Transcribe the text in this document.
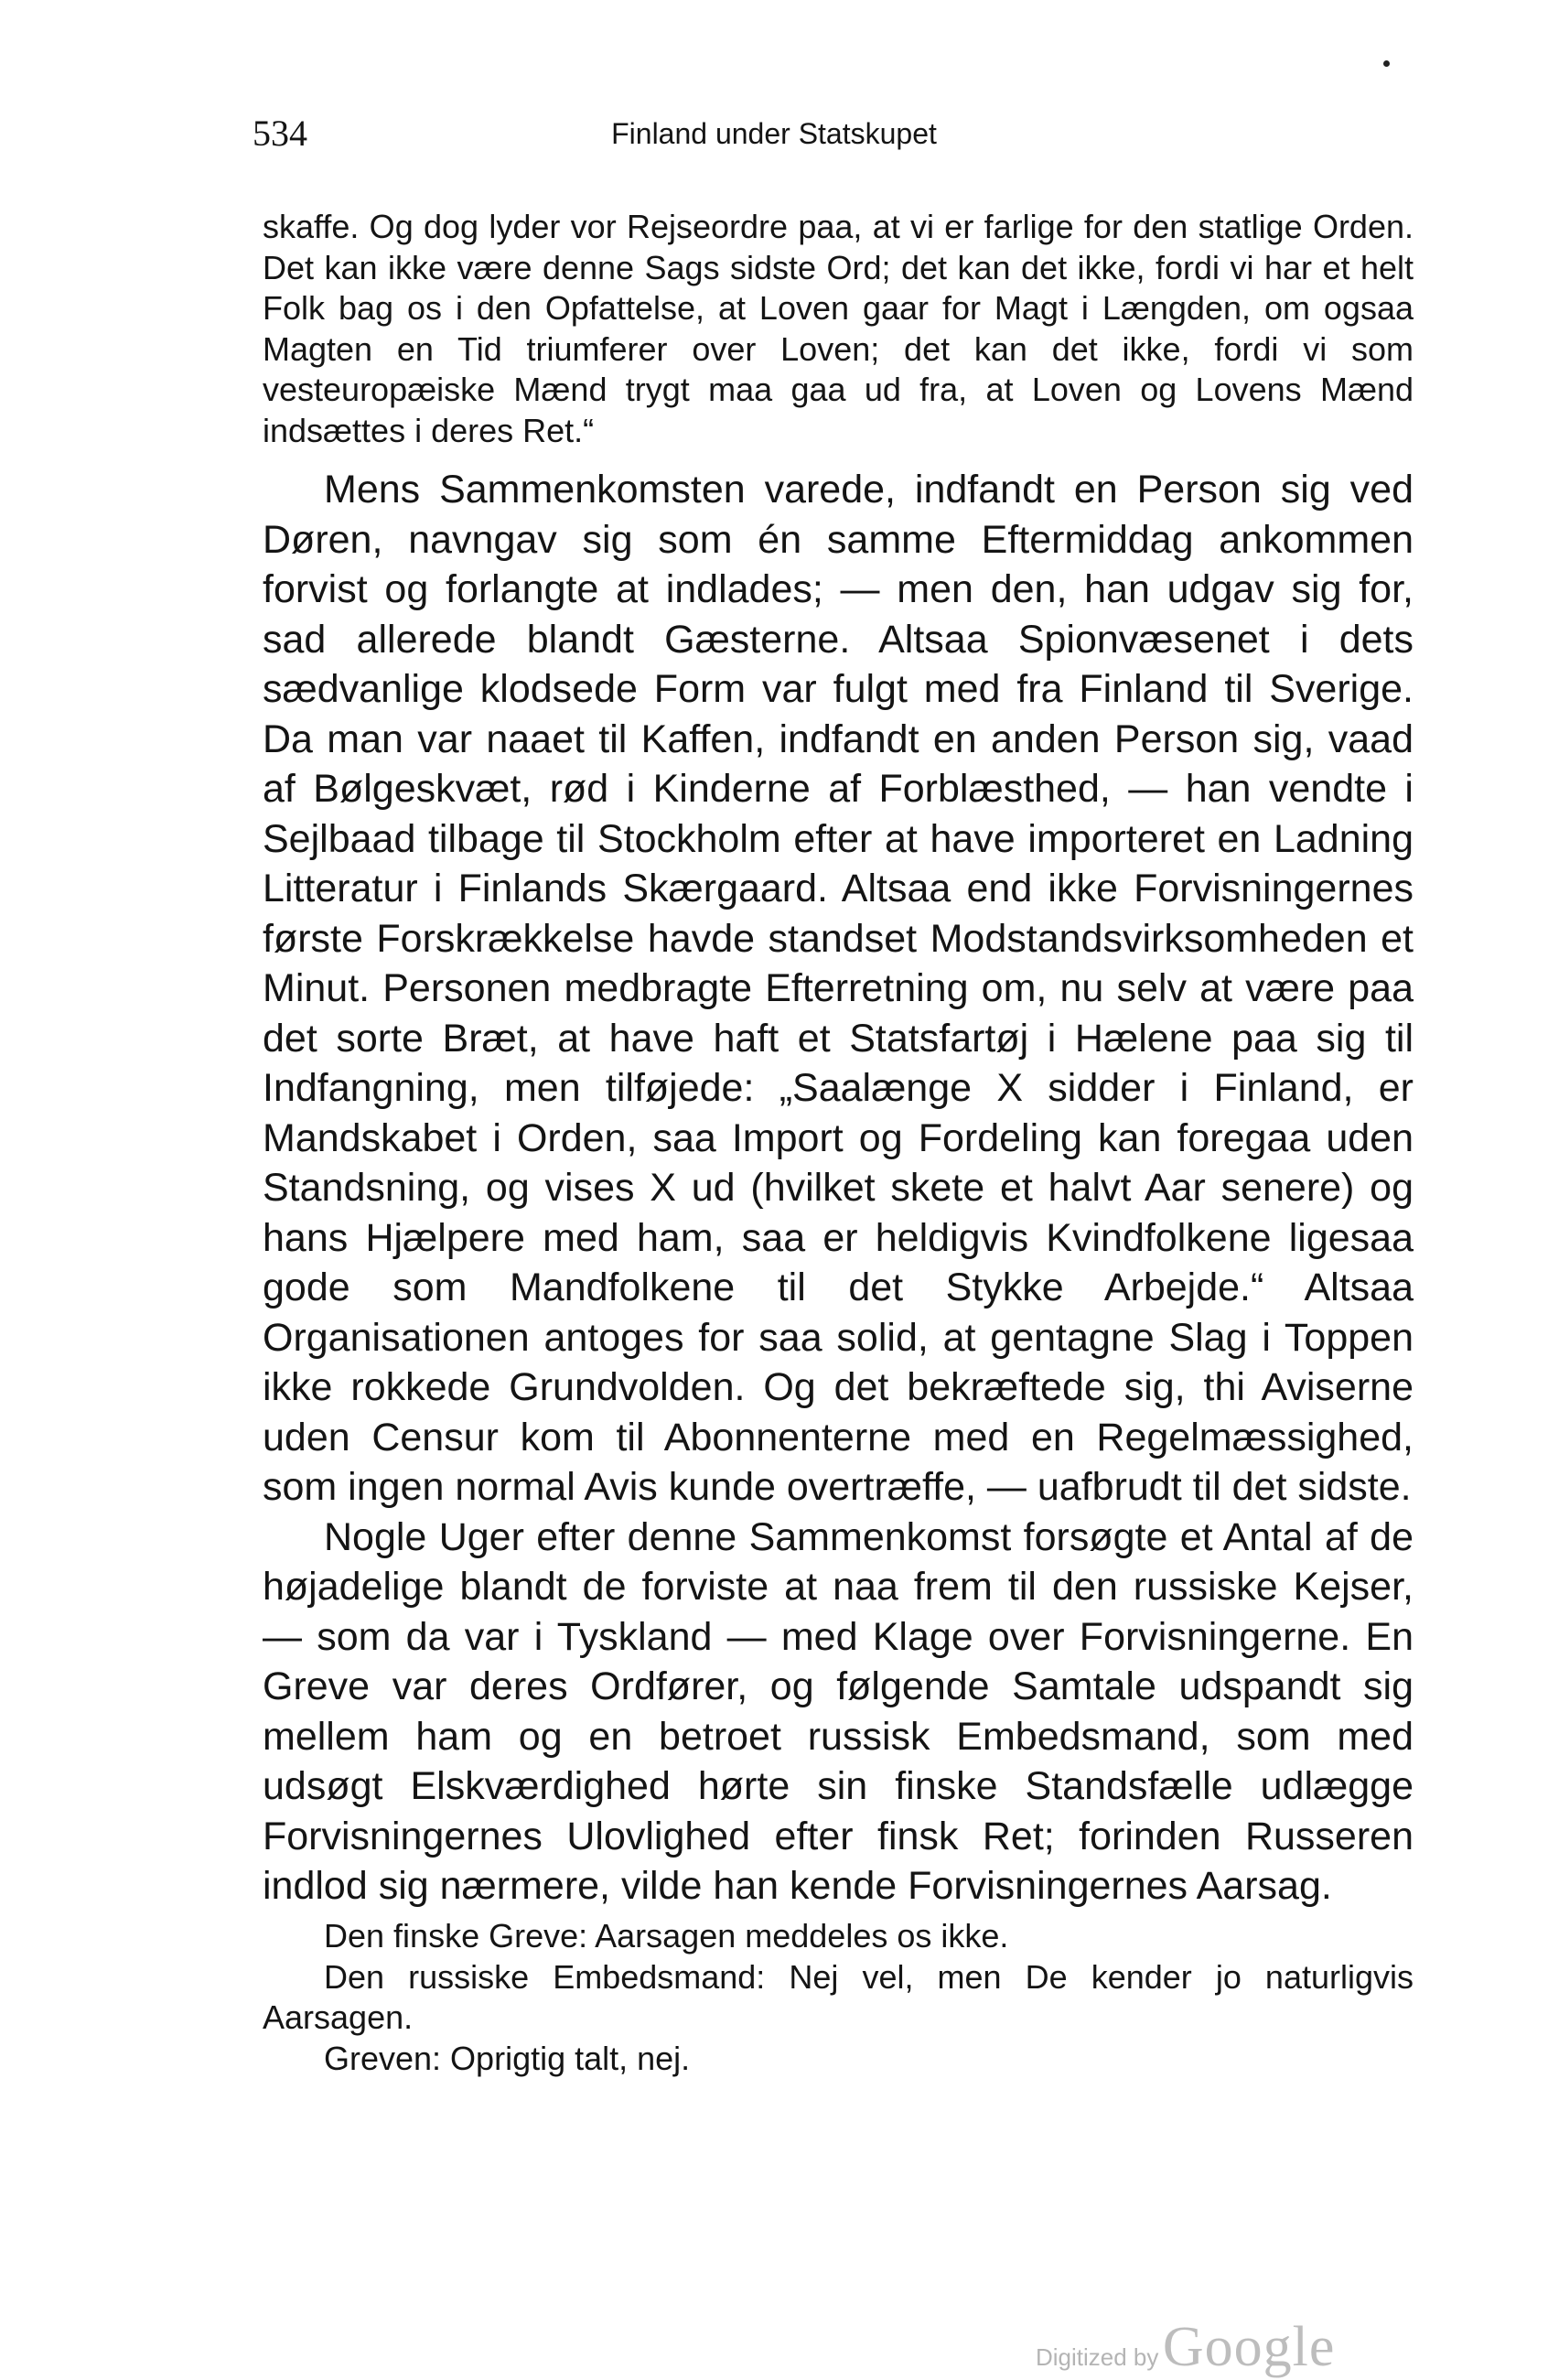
534	Finland under Statskupet

skaffe. Og dog lyder vor Rejseordre paa, at vi er farlige for den statlige Orden. Det kan ikke være denne Sags sidste Ord; det kan det ikke, fordi vi har et helt Folk bag os i den Opfattelse, at Loven gaar for Magt i Længden, om ogsaa Magten en Tid triumferer over Loven; det kan det ikke, fordi vi som vesteuropæiske Mænd trygt maa gaa ud fra, at Loven og Lovens Mænd indsættes i deres Ret.“

Mens Sammenkomsten varede, indfandt en Person sig ved Døren, navngav sig som én samme Eftermiddag ankommen forvist og forlangte at indlades; — men den, han udgav sig for, sad allerede blandt Gæsterne. Altsaa Spionvæsenet i dets sædvanlige klodsede Form var fulgt med fra Finland til Sverige. Da man var naaet til Kaffen, indfandt en anden Person sig, vaad af Bølgeskvæt, rød i Kinderne af Forblæsthed, — han vendte i Sejlbaad tilbage til Stockholm efter at have importeret en Ladning Litteratur i Finlands Skærgaard. Altsaa end ikke Forvisningernes første Forskrækkelse havde standset Modstandsvirksomheden et Minut. Personen medbragte Efterretning om, nu selv at være paa det sorte Bræt, at have haft et Statsfartøj i Hælene paa sig til Indfangning, men tilføjede: „Saalænge X sidder i Finland, er Mandskabet i Orden, saa Import og Fordeling kan foregaa uden Standsning, og vises X ud (hvilket skete et halvt Aar senere) og hans Hjælpere med ham, saa er heldigvis Kvindfolkene ligesaa gode som Mandfolkene til det Stykke Arbejde.“ Altsaa Organisationen antoges for saa solid, at gentagne Slag i Toppen ikke rokkede Grundvolden. Og det bekræftede sig, thi Aviserne uden Censur kom til Abonnenterne med en Regelmæssighed, som ingen normal Avis kunde overtræffe, — uafbrudt til det sidste.

Nogle Uger efter denne Sammenkomst forsøgte et Antal af de højadelige blandt de forviste at naa frem til den russiske Kejser, — som da var i Tyskland — med Klage over Forvisningerne. En Greve var deres Ordfører, og følgende Samtale udspandt sig mellem ham og en betroet russisk Embedsmand, som med udsøgt Elskværdighed hørte sin finske Standsfælle udlægge Forvisningernes Ulovlighed efter finsk Ret; forinden Russeren indlod sig nærmere, vilde han kende Forvisningernes Aarsag.

Den finske Greve: Aarsagen meddeles os ikke.

Den russiske Embedsmand: Nej vel, men De kender jo naturligvis Aarsagen.

Greven: Oprigtig talt, nej.

Digitized by Google
